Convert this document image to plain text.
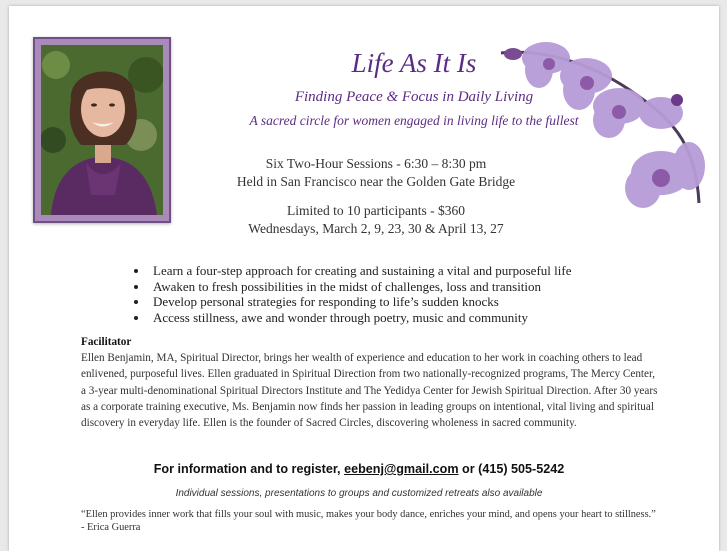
Life As It Is
Finding Peace & Focus in Daily Living
A sacred circle for women engaged in living life to the fullest
Six Two-Hour Sessions - 6:30 – 8:30 pm
Held in San Francisco near the Golden Gate Bridge
Limited to 10 participants - $360
Wednesdays, March 2, 9, 23, 30 & April 13, 27
• Learn a four-step approach for creating and sustaining a vital and purposeful life
• Awaken to fresh possibilities in the midst of challenges, loss and transition
• Develop personal strategies for responding to life’s sudden knocks
• Access stillness, awe and wonder through poetry, music and community
Facilitator
Ellen Benjamin, MA, Spiritual Director, brings her wealth of experience and education to her work in coaching others to lead enlivened, purposeful lives. Ellen graduated in Spiritual Direction from two nationally-recognized programs, The Mercy Center, a 3-year multi-denominational Spiritual Directors Institute and The Yedidya Center for Jewish Spiritual Direction. After 30 years as a corporate training executive, Ms. Benjamin now finds her passion in leading groups on intentional, vital living and spiritual discovery in everyday life. Ellen is the founder of Sacred Circles, discovering wholeness in sacred community.
For information and to register, eebenj@gmail.com or (415) 505-5242
Individual sessions, presentations to groups and customized retreats also available
“Ellen provides inner work that fills your soul with music, makes your body dance, enriches your mind, and opens your heart to stillness.” - Erica Guerra
